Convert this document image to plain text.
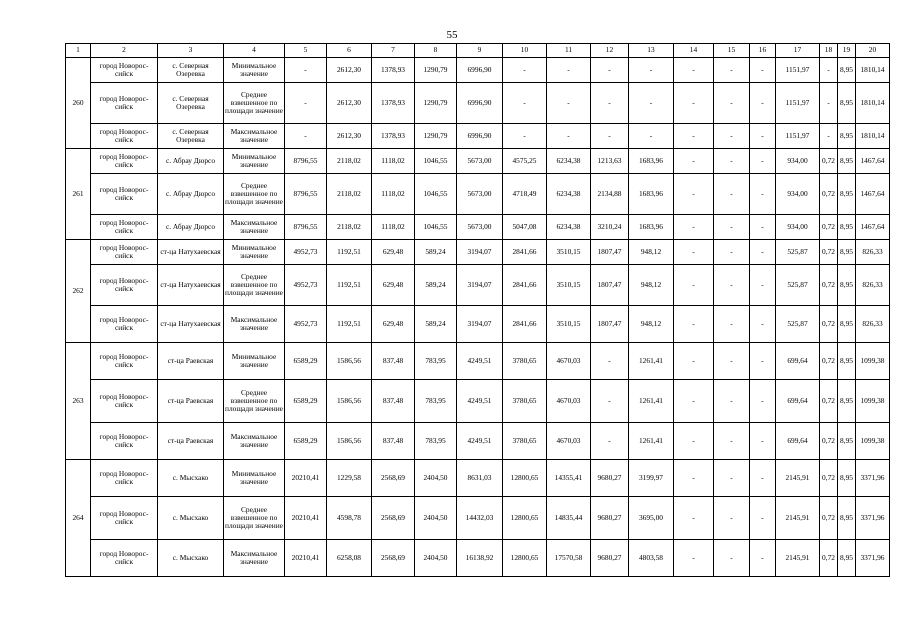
55
1	2	3	4	5	6	7	8	9	10	11	12	13	14	15	16	17	18	19	20
260	город Новорос-сийск	с. Северная Озеревка	Минимальное значение	-	2612,30	1378,93	1290,79	6996,90	-	-	-	-	-	-	-	1151,97	-	8,95	1810,14
	город Новорос-сийск	с. Северная Озеревка	Среднее взвешенное по площади значение	-	2612,30	1378,93	1290,79	6996,90	-	-	-	-	-	-	-	1151,97	-	8,95	1810,14
	город Новорос-сийск	с. Северная Озеревка	Максимальное значение	-	2612,30	1378,93	1290,79	6996,90	-	-	-	-	-	-	-	1151,97	-	8,95	1810,14
261	город Новорос-сийск	с. Абрау Дюрсо	Минимальное значение	8796,55	2118,02	1118,02	1046,55	5673,00	4575,25	6234,38	1213,63	1683,96	-	-	-	934,00	0,72	8,95	1467,64
	город Новорос-сийск	с. Абрау Дюрсо	Среднее взвешенное по площади значение	8796,55	2118,02	1118,02	1046,55	5673,00	4718,49	6234,38	2134,88	1683,96	-	-	-	934,00	0,72	8,95	1467,64
	город Новорос-сийск	с. Абрау Дюрсо	Максимальное значение	8796,55	2118,02	1118,02	1046,55	5673,00	5047,08	6234,38	3210,24	1683,96	-	-	-	934,00	0,72	8,95	1467,64
262	город Новорос-сийск	ст-ца Натухаевская	Минимальное значение	4952,73	1192,51	629,48	589,24	3194,07	2841,66	3510,15	1807,47	948,12	-	-	-	525,87	0,72	8,95	826,33
	город Новорос-сийск	ст-ца Натухаевская	Среднее взвешенное по площади значение	4952,73	1192,51	629,48	589,24	3194,07	2841,66	3510,15	1807,47	948,12	-	-	-	525,87	0,72	8,95	826,33
	город Новорос-сийск	ст-ца Натухаевская	Максимальное значение	4952,73	1192,51	629,48	589,24	3194,07	2841,66	3510,15	1807,47	948,12	-	-	-	525,87	0,72	8,95	826,33
263	город Новорос-сийск	ст-ца Раевская	Минимальное значение	6589,29	1586,56	837,48	783,95	4249,51	3780,65	4670,03	-	1261,41	-	-	-	699,64	0,72	8,95	1099,38
	город Новорос-сийск	ст-ца Раевская	Среднее взвешенное по площади значение	6589,29	1586,56	837,48	783,95	4249,51	3780,65	4670,03	-	1261,41	-	-	-	699,64	0,72	8,95	1099,38
	город Новорос-сийск	ст-ца Раевская	Максимальное значение	6589,29	1586,56	837,48	783,95	4249,51	3780,65	4670,03	-	1261,41	-	-	-	699,64	0,72	8,95	1099,38
264	город Новорос-сийск	с. Мысхако	Минимальное значение	20210,41	1229,58	2568,69	2404,50	8631,03	12800,65	14355,41	9680,27	3199,97	-	-	-	2145,91	0,72	8,95	3371,96
	город Новорос-сийск	с. Мысхако	Среднее взвешенное по площади значение	20210,41	4598,78	2568,69	2404,50	14432,03	12800,65	14835,44	9680,27	3695,00	-	-	-	2145,91	0,72	8,95	3371,96
	город Новорос-сийск	с. Мысхако	Максимальное значение	20210,41	6258,08	2568,69	2404,50	16138,92	12800,65	17570,58	9680,27	4803,58	-	-	-	2145,91	0,72	8,95	3371,96
